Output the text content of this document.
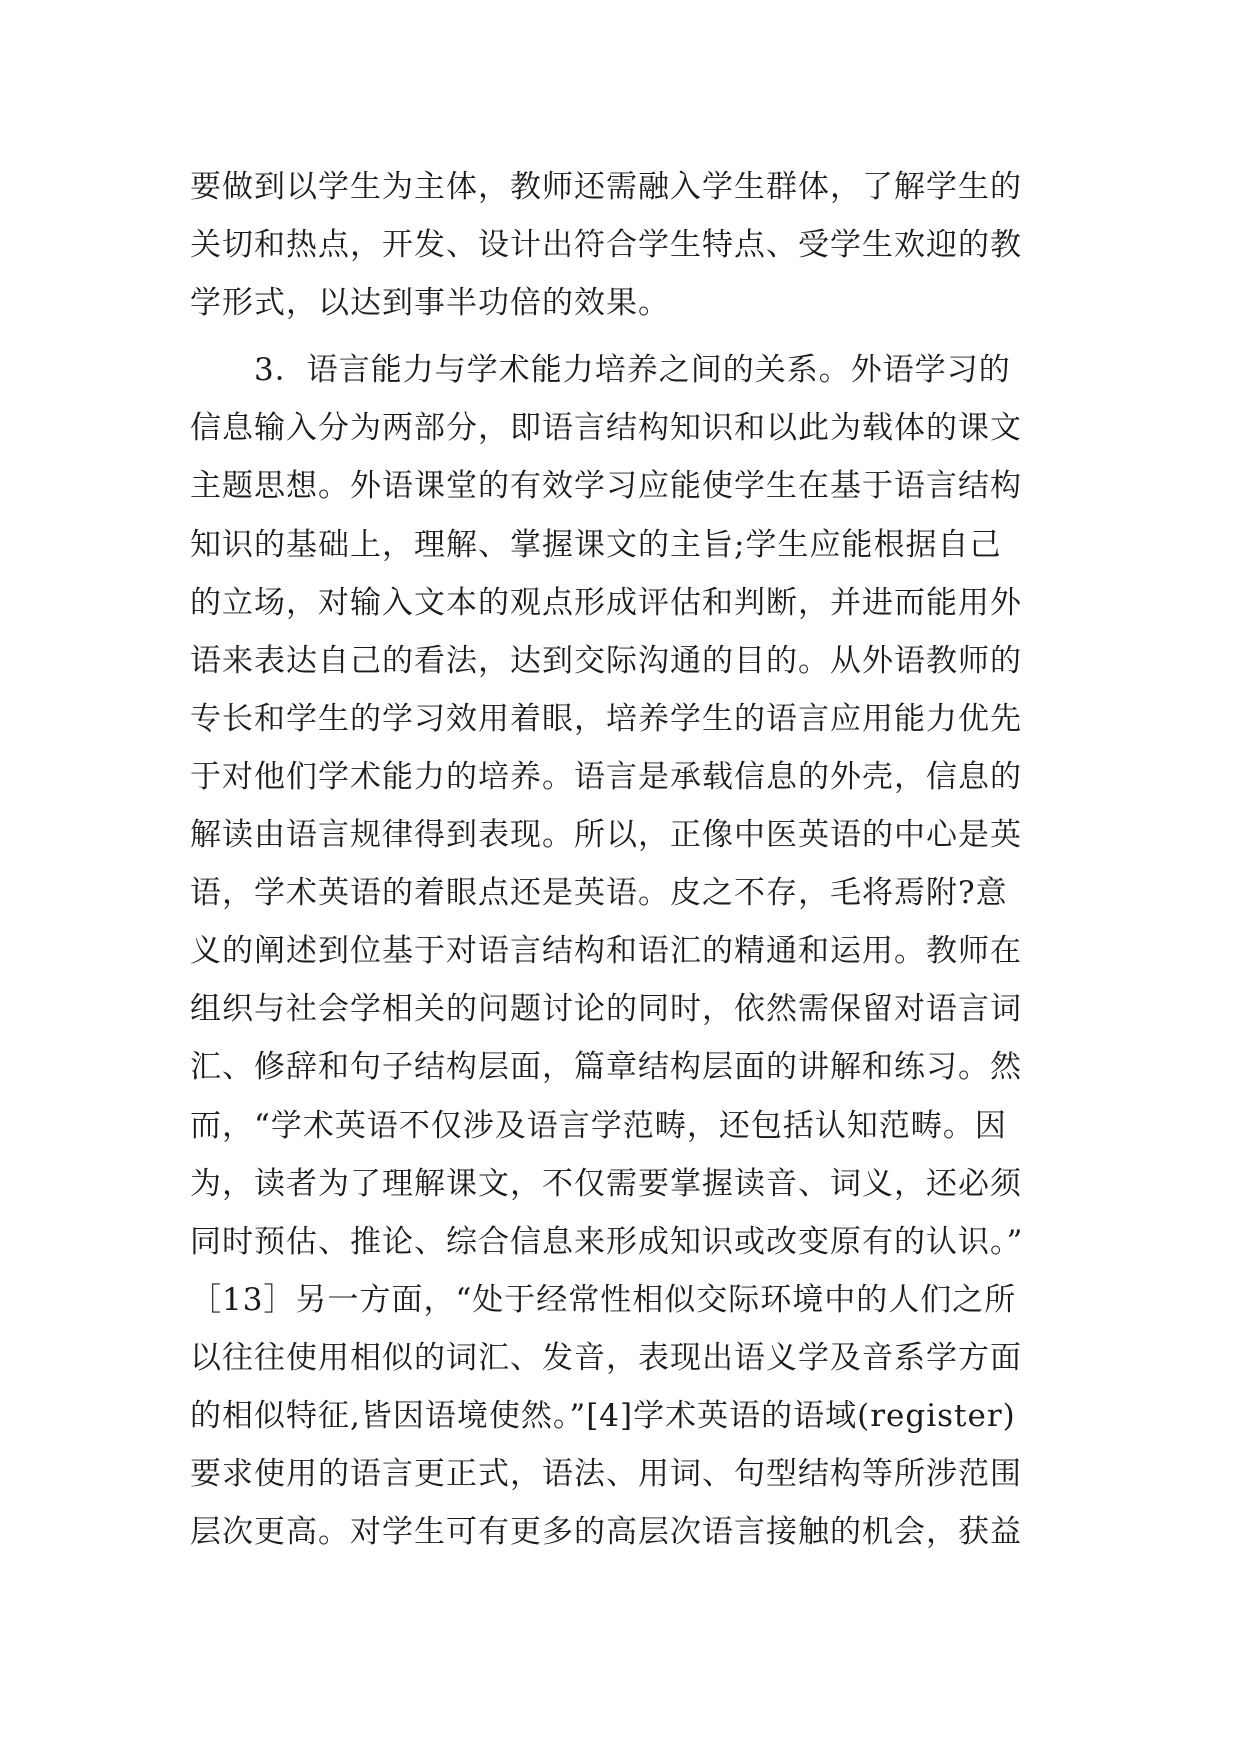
要做到以学生为主体，教师还需融入学生群体，了解学生的
关切和热点，开发、设计出符合学生特点、受学生欢迎的教
学形式，以达到事半功倍的效果。
　　3．语言能力与学术能力培养之间的关系。外语学习的
信息输入分为两部分，即语言结构知识和以此为载体的课文
主题思想。外语课堂的有效学习应能使学生在基于语言结构
知识的基础上，理解、掌握课文的主旨;学生应能根据自己
的立场，对输入文本的观点形成评估和判断，并进而能用外
语来表达自己的看法，达到交际沟通的目的。从外语教师的
专长和学生的学习效用着眼，培养学生的语言应用能力优先
于对他们学术能力的培养。语言是承载信息的外壳，信息的
解读由语言规律得到表现。所以，正像中医英语的中心是英
语，学术英语的着眼点还是英语。皮之不存，毛将焉附?意
义的阐述到位基于对语言结构和语汇的精通和运用。教师在
组织与社会学相关的问题讨论的同时，依然需保留对语言词
汇、修辞和句子结构层面，篇章结构层面的讲解和练习。然
而，“学术英语不仅涉及语言学范畴，还包括认知范畴。因
为，读者为了理解课文，不仅需要掌握读音、词义，还必须
同时预估、推论、综合信息来形成知识或改变原有的认识。”
［13］另一方面，“处于经常性相似交际环境中的人们之所
以往往使用相似的词汇、发音，表现出语义学及音系学方面
的相似特征,皆因语境使然。”[4]学术英语的语域(register)
要求使用的语言更正式，语法、用词、句型结构等所涉范围
层次更高。对学生可有更多的高层次语言接触的机会，获益
